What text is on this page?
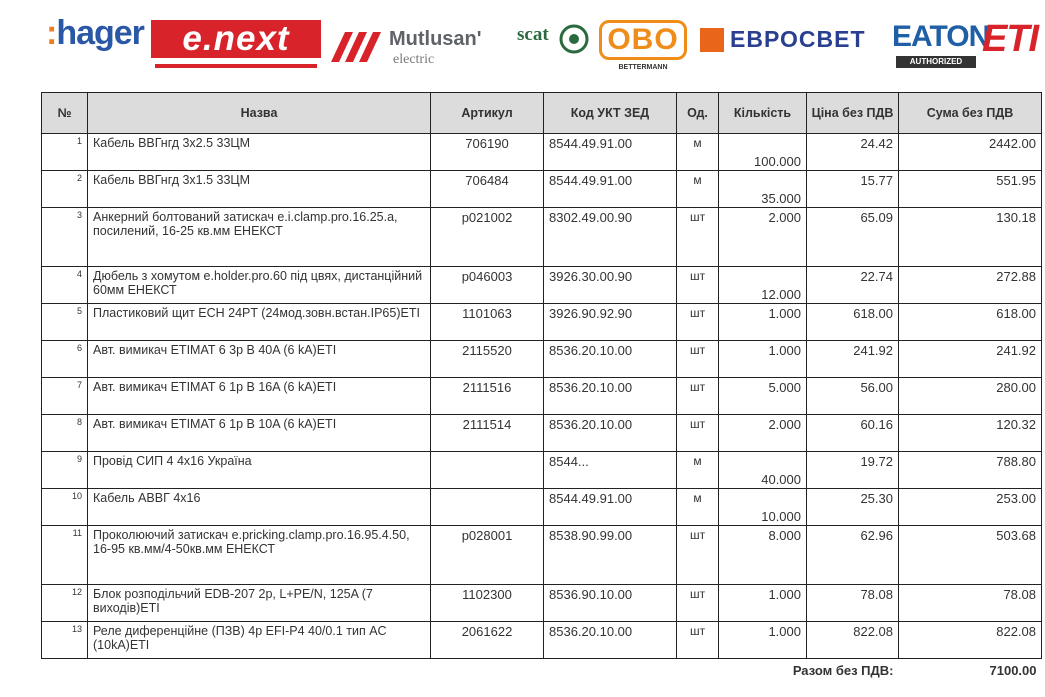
:hager	e.next	Mutlusan'
electric
scat OBO
BETTERMANN
ЕВРОСВЕТ EATON
AUTHORIZED
ETI
№	Назва	Артикул	Код УКТ ЗЕД	Од.	Кількість	Ціна без ПДВ	Сума без ПДВ
1	Кабель ВВГнгд 3х2.5 33ЦМ	706190	8544.49.91.00	м	100.000	24.42	2442.00
2	Кабель ВВГнгд 3х1.5 33ЦМ	706484	8544.49.91.00	м	35.000	15.77	551.95
3	Анкерний болтований затискач e.i.clamp.pro.16.25.a, посилений, 16-25 кв.мм ЕНЕКСТ	p021002	8302.49.00.90	шт	2.000	65.09	130.18
4	Дюбель з хомутом e.holder.pro.60 під цвях, дистанційний 60мм ЕНЕКСТ	p046003	3926.30.00.90	шт	12.000	22.74	272.88
5	Пластиковий щит ECH 24PT (24мод.зовн.встан.IP65)ETI	1101063	3926.90.92.90	шт	1.000	618.00	618.00
6	Авт. вимикач ETIMAT 6 3p B 40A (6 kA)ETI	2115520	8536.20.10.00	шт	1.000	241.92	241.92
7	Авт. вимикач ETIMAT 6 1p B 16A (6 kA)ETI	2111516	8536.20.10.00	шт	5.000	56.00	280.00
8	Авт. вимикач ETIMAT 6 1p B 10A (6 kA)ETI	2111514	8536.20.10.00	шт	2.000	60.16	120.32
9	Провід СИП 4 4х16 Україна		8544...	м	40.000	19.72	788.80
10	Кабель АВВГ 4х16		8544.49.91.00	м	10.000	25.30	253.00
11	Проколюючий затискач e.pricking.clamp.pro.16.95.4.50, 16-95 кв.мм/4-50кв.мм ЕНЕКСТ	p028001	8538.90.99.00	шт	8.000	62.96	503.68
12	Блок розподільчий EDB-207 2p, L+PE/N, 125A (7 виходів)ETI	1102300	8536.90.10.00	шт	1.000	78.08	78.08
13	Реле диференційне (ПЗВ) 4р EFI-P4 40/0.1 тип AC (10kA)ETI	2061622	8536.20.10.00	шт	1.000	822.08	822.08
Разом без ПДВ:							7100.00
